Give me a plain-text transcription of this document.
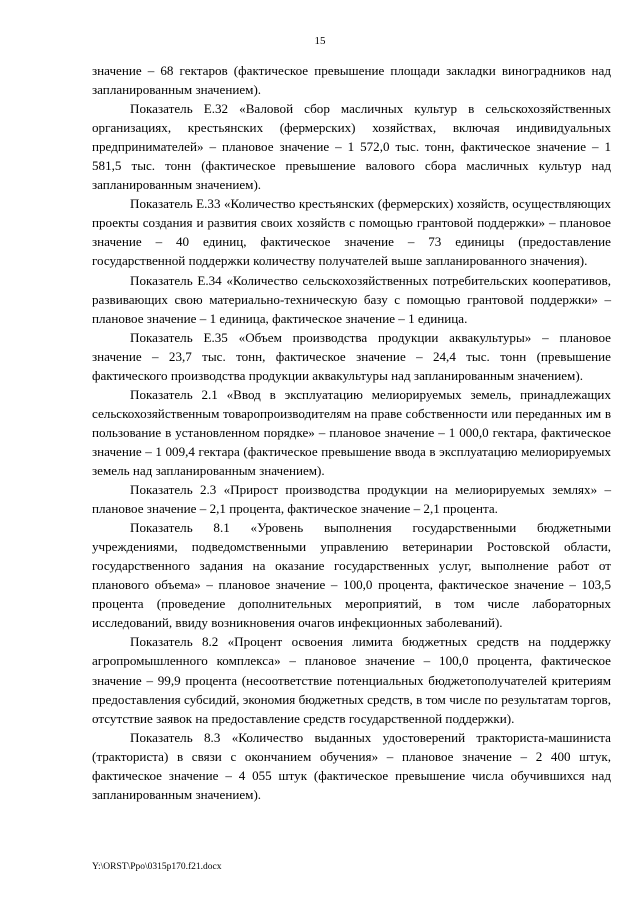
15

значение – 68 гектаров (фактическое превышение площади закладки виноградников над запланированным значением).

Показатель Е.32 «Валовой сбор масличных культур в сельскохозяйственных организациях, крестьянских (фермерских) хозяйствах, включая индивидуальных предпринимателей» – плановое значение – 1 572,0 тыс. тонн, фактическое значение – 1 581,5 тыс. тонн (фактическое превышение валового сбора масличных культур над запланированным значением).

Показатель Е.33 «Количество крестьянских (фермерских) хозяйств, осуществляющих проекты создания и развития своих хозяйств с помощью грантовой поддержки» – плановое значение – 40 единиц, фактическое значение – 73 единицы (предоставление государственной поддержки количеству получателей выше запланированного значения).

Показатель Е.34 «Количество сельскохозяйственных потребительских кооперативов, развивающих свою материально-техническую базу с помощью грантовой поддержки» – плановое значение – 1 единица, фактическое значение – 1 единица.

Показатель Е.35 «Объем производства продукции аквакультуры» – плановое значение – 23,7 тыс. тонн, фактическое значение – 24,4 тыс. тонн (превышение фактического производства продукции аквакультуры над запланированным значением).

Показатель 2.1 «Ввод в эксплуатацию мелиорируемых земель, принадлежащих сельскохозяйственным товаропроизводителям на праве собственности или переданных им в пользование в установленном порядке» – плановое значение – 1 000,0 гектара, фактическое значение – 1 009,4 гектара (фактическое превышение ввода в эксплуатацию мелиорируемых земель над запланированным значением).

Показатель 2.3 «Прирост производства продукции на мелиорируемых землях» – плановое значение – 2,1 процента, фактическое значение – 2,1 процента.

Показатель 8.1 «Уровень выполнения государственными бюджетными учреждениями, подведомственными управлению ветеринарии Ростовской области, государственного задания на оказание государственных услуг, выполнение работ от планового объема» – плановое значение – 100,0 процента, фактическое значение – 103,5 процента (проведение дополнительных мероприятий, в том числе лабораторных исследований, ввиду возникновения очагов инфекционных заболеваний).

Показатель 8.2 «Процент освоения лимита бюджетных средств на поддержку агропромышленного комплекса» – плановое значение – 100,0 процента, фактическое значение – 99,9 процента (несоответствие потенциальных бюджетополучателей критериям предоставления субсидий, экономия бюджетных средств, в том числе по результатам торгов, отсутствие заявок на предоставление средств государственной поддержки).

Показатель 8.3 «Количество выданных удостоверений тракториста-машиниста (тракториста) в связи с окончанием обучения» – плановое значение – 2 400 штук, фактическое значение – 4 055 штук (фактическое превышение числа обучившихся над запланированным значением).

Y:\ORST\Ppo\0315p170.f21.docx
